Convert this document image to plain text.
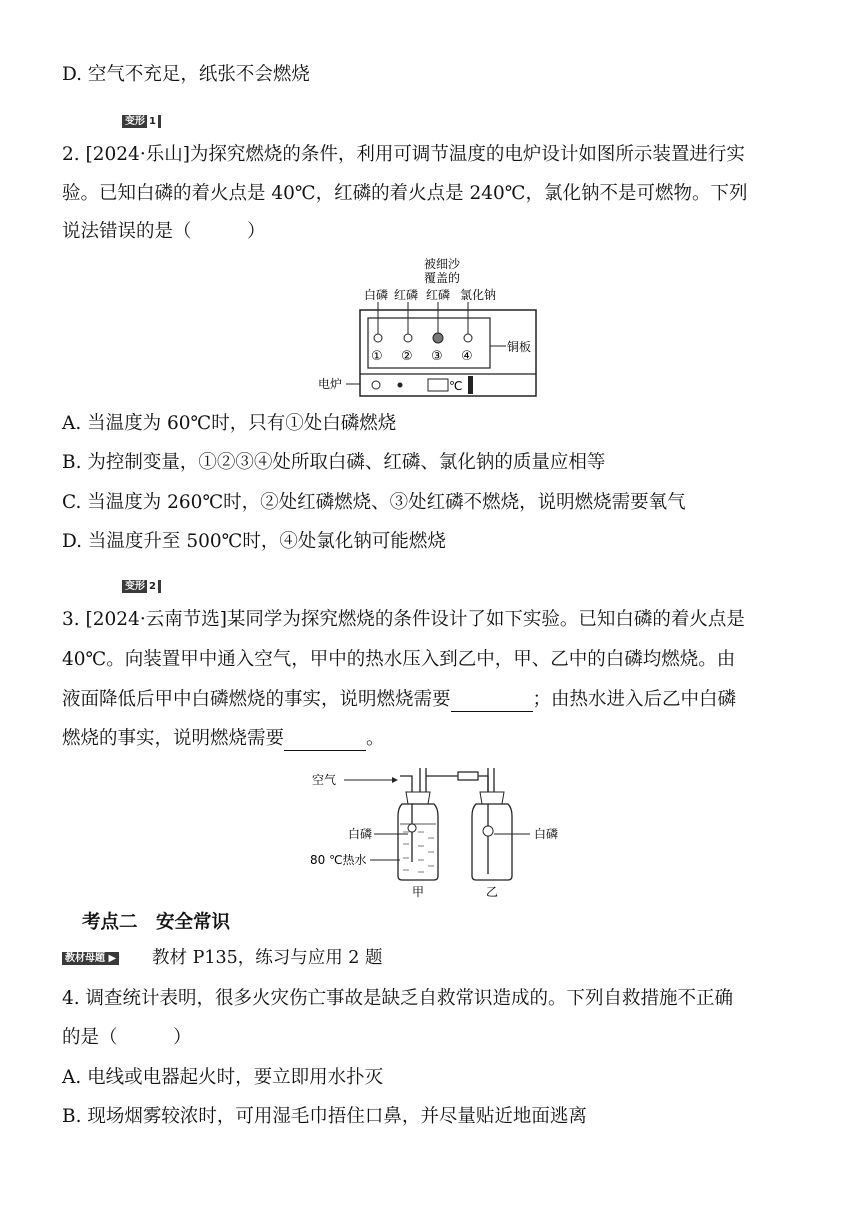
D. 空气不充足，纸张不会燃烧
变形 1
2. [2024·乐山]为探究燃烧的条件，利用可调节温度的电炉设计如图所示装置进行实
验。已知白磷的着火点是 40℃，红磷的着火点是 240℃，氯化钠不是可燃物。下列
说法错误的是（　　　）
被细沙
覆盖的
白磷 红磷 红磷 氯化钠
① ② ③ ④
铜板
电炉	℃
A. 当温度为 60℃时，只有①处白磷燃烧
B. 为控制变量，①②③④处所取白磷、红磷、氯化钠的质量应相等
C. 当温度为 260℃时，②处红磷燃烧、③处红磷不燃烧，说明燃烧需要氧气
D. 当温度升至 500℃时，④处氯化钠可能燃烧
变形 2
3. [2024·云南节选]某同学为探究燃烧的条件设计了如下实验。已知白磷的着火点是
40℃。向装置甲中通入空气，甲中的热水压入到乙中，甲、乙中的白磷均燃烧。由
液面降低后甲中白磷燃烧的事实，说明燃烧需要	；由热水进入后乙中白磷
燃烧的事实，说明燃烧需要	。
空气
白磷
80 ℃热水
甲
白磷
乙
考点二　安全常识
教材母题 ▶ 教材 P135，练习与应用 2 题
4. 调查统计表明，很多火灾伤亡事故是缺乏自救常识造成的。下列自救措施不正确
的是（　　　）
A. 电线或电器起火时，要立即用水扑灭
B. 现场烟雾较浓时，可用湿毛巾捂住口鼻，并尽量贴近地面逃离
